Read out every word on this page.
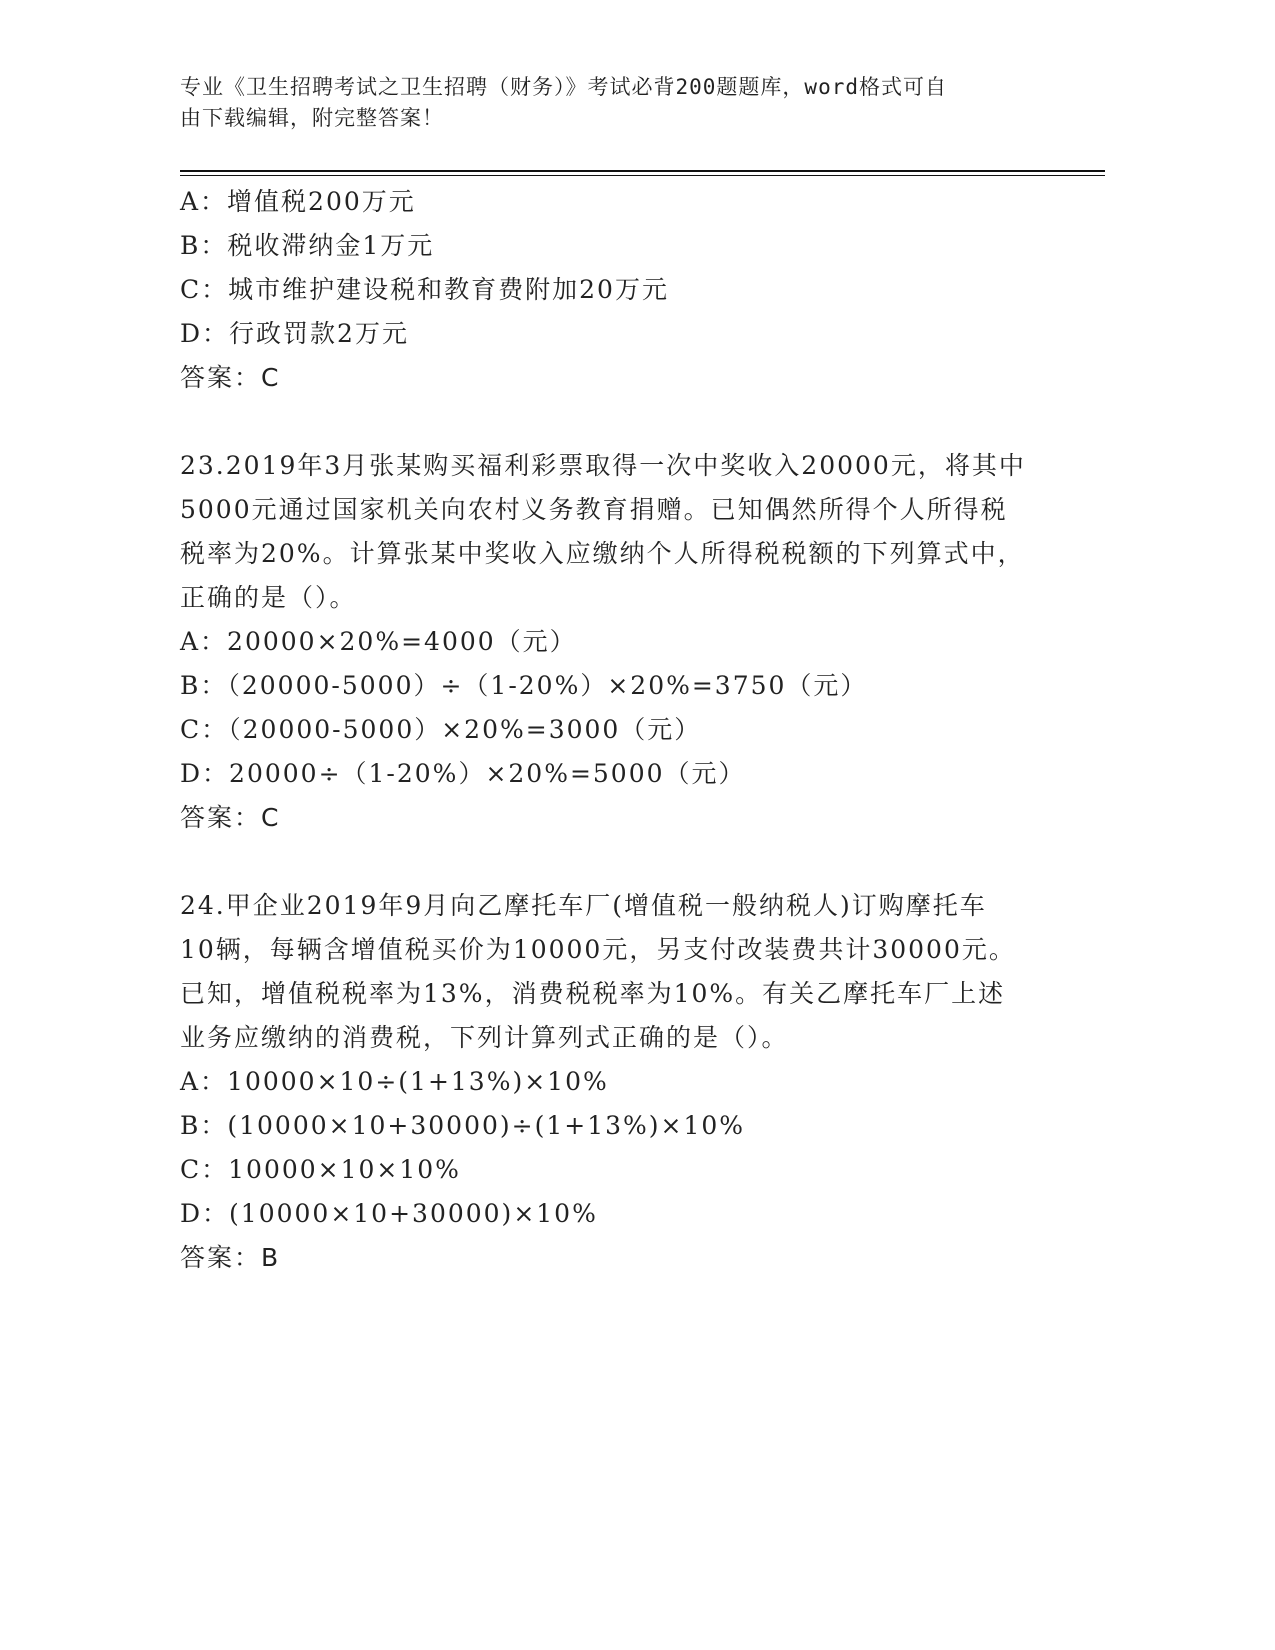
专业《卫生招聘考试之卫生招聘（财务）》考试必背200题题库，word格式可自
由下载编辑，附完整答案！
A：增值税200万元
B：税收滞纳金1万元
C：城市维护建设税和教育费附加20万元
D：行政罚款2万元
答案：C
23.2019年3月张某购买福利彩票取得一次中奖收入20000元，将其中
5000元通过国家机关向农村义务教育捐赠。已知偶然所得个人所得税
税率为20%。计算张某中奖收入应缴纳个人所得税税额的下列算式中，
正确的是（）。
A：20000×20%=4000（元）
B：（20000-5000）÷（1-20%）×20%=3750（元）
C：（20000-5000）×20%=3000（元）
D：20000÷（1-20%）×20%=5000（元）
答案：C
24.甲企业2019年9月向乙摩托车厂(增值税一般纳税人)订购摩托车
10辆，每辆含增值税买价为10000元，另支付改装费共计30000元。
已知，增值税税率为13%，消费税税率为10%。有关乙摩托车厂上述
业务应缴纳的消费税，下列计算列式正确的是（）。
A：10000×10÷(1+13%)×10%
B：(10000×10+30000)÷(1+13%)×10%
C：10000×10×10%
D：(10000×10+30000)×10%
答案：B
